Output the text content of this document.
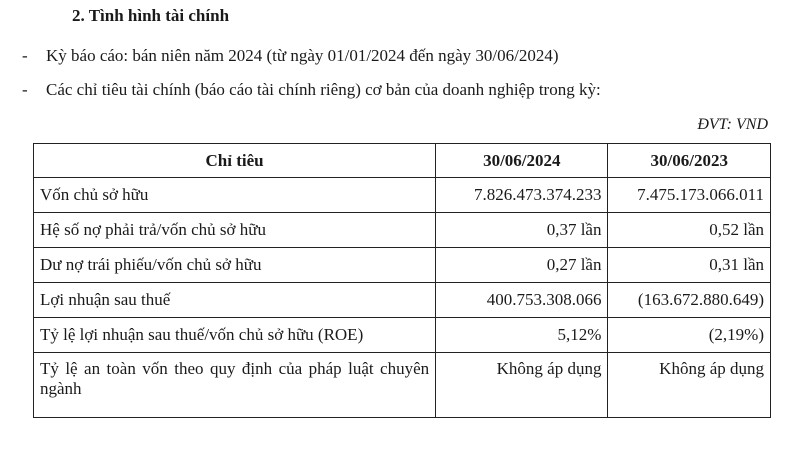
2. Tình hình tài chính
- Kỳ báo cáo: bán niên năm 2024 (từ ngày 01/01/2024 đến ngày 30/06/2024)
- Các chỉ tiêu tài chính (báo cáo tài chính riêng) cơ bản của doanh nghiệp trong kỳ:
ĐVT: VND
Chỉ tiêu	30/06/2024	30/06/2023
Vốn chủ sở hữu	7.826.473.374.233	7.475.173.066.011
Hệ số nợ phải trả/vốn chủ sở hữu	0,37 lần	0,52 lần
Dư nợ trái phiếu/vốn chủ sở hữu	0,27 lần	0,31 lần
Lợi nhuận sau thuế	400.753.308.066	(163.672.880.649)
Tỷ lệ lợi nhuận sau thuế/vốn chủ sở hữu (ROE)	5,12%	(2,19%)
Tỷ lệ an toàn vốn theo quy định của pháp luật chuyên ngành	Không áp dụng	Không áp dụng
